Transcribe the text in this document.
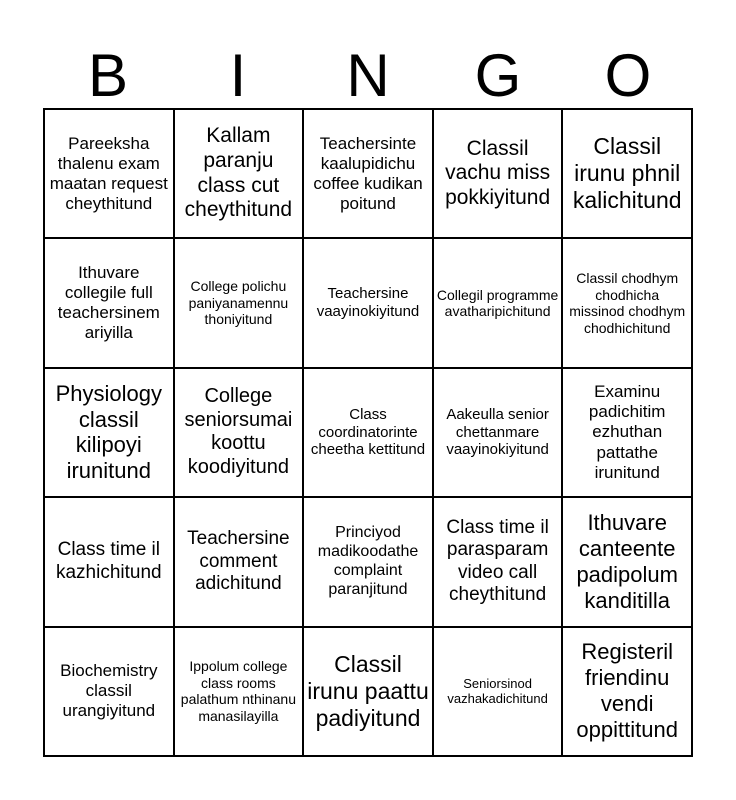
B	I	N	G	O
Pareeksha thalenu exam maatan request cheythitund
Kallam paranju class cut cheythitund
Teachersinte kaalupidichu coffee kudikan poitund
Classil vachu miss pokkiyitund
Classil irunu phnil kalichitund
Ithuvare collegile full teachersinem ariyilla
College polichu paniyanamennu thoniyitund
Teachersine vaayinokiyitund
Collegil programme avatharipichitund
Classil chodhym chodhicha missinod chodhym chodhichitund
Physiology classil kilipoyi irunitund
College seniorsumai koottu koodiyitund
Class coordinatorinte cheetha kettitund
Aakeulla senior chettanmare vaayinokiyitund
Examinu padichitim ezhuthan pattathe irunitund
Class time il kazhichitund
Teachersine comment adichitund
Princiyod madikoodathe complaint paranjitund
Class time il parasparam video call cheythitund
Ithuvare canteente padipolum kanditilla
Biochemistry classil urangiyitund
Ippolum college class rooms palathum nthinanu manasilayilla
Classil irunu paattu padiyitund
Seniorsinod vazhakadichitund
Registeril friendinu vendi oppittitund
